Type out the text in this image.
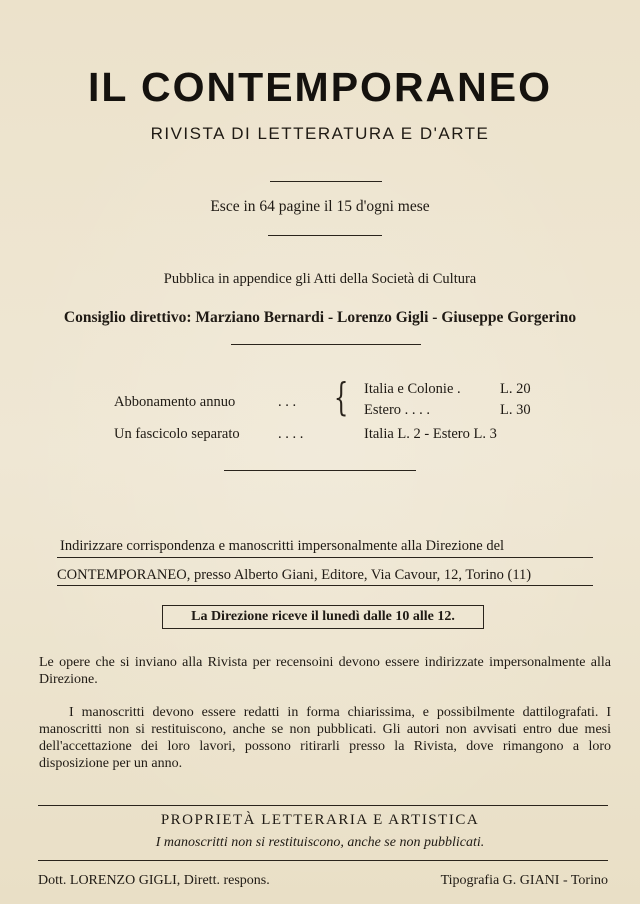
IL CONTEMPORANEO
RIVISTA DI LETTERATURA E D'ARTE
Esce in 64 pagine il 15 d'ogni mese
Pubblica in appendice gli Atti della Società di Cultura
Consiglio direttivo: Marziano Bernardi - Lorenzo Gigli - Giuseppe Gorgerino
Abbonamento annuo	. . . { Italia e Colonie .	L. 20
Estero . . . .	L. 30
Un fascicolo separato	. . . .	Italia L. 2 - Estero L. 3
Indirizzare corrispondenza e manoscritti impersonalmente alla Direzione del
CONTEMPORANEO, presso Alberto Giani, Editore, Via Cavour, 12, Torino (11)
La Direzione riceve il lunedì dalle 10 alle 12.
Le opere che si inviano alla Rivista per recensoini devono essere indirizzate impersonalmente alla Direzione.
I manoscritti devono essere redatti in forma chiarissima, e possibilmente dattilografati. I manoscritti non si restituiscono, anche se non pubblicati. Gli autori non avvisati entro due mesi dell'accettazione dei loro lavori, possono ritirarli presso la Rivista, dove rimangono a loro disposizione per un anno.
PROPRIETÀ LETTERARIA E ARTISTICA
I manoscritti non si restituiscono, anche se non pubblicati.
Dott. LORENZO GIGLI, Dirett. respons.	Tipografia G. GIANI - Torino
